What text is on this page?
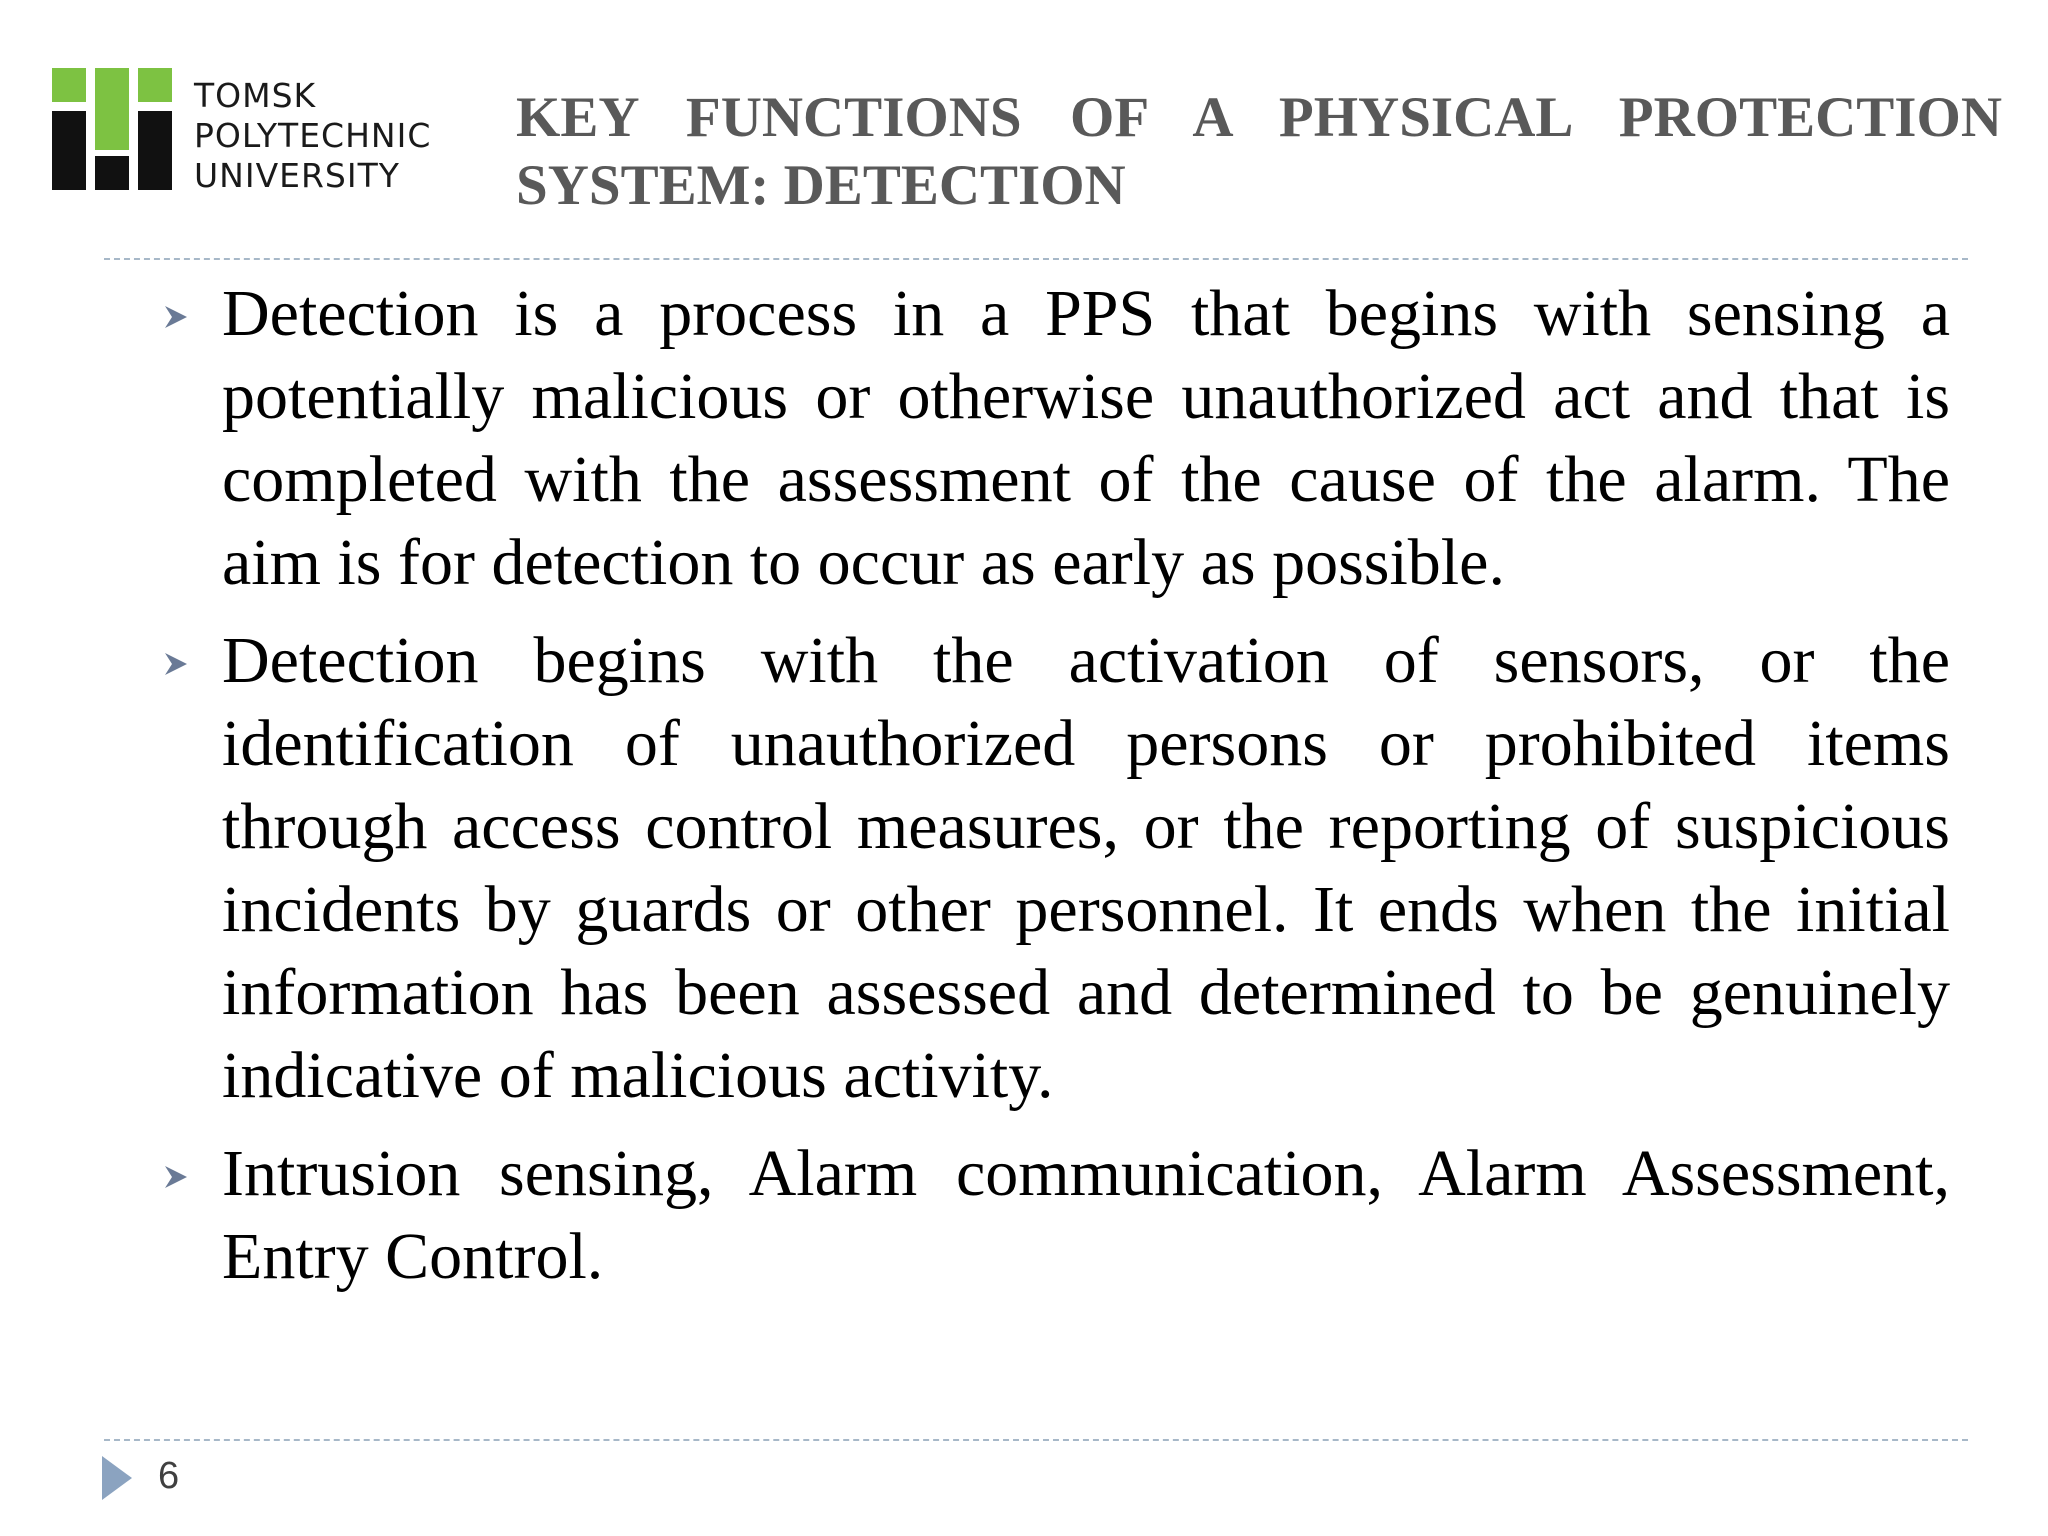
TOMSK
POLYTECHNIC
UNIVERSITY
KEY FUNCTIONS OF A PHYSICAL PROTECTION
SYSTEM: DETECTION
Detection is a process in a PPS that begins with sensing a potentially malicious or otherwise unauthorized act and that is completed with the assessment of the cause of the alarm. The aim is for detection to occur as early as possible.
Detection begins with the activation of sensors, or the identification of unauthorized persons or prohibited items through access control measures, or the reporting of suspicious incidents by guards or other personnel. It ends when the initial information has been assessed and determined to be genuinely indicative of malicious activity.
Intrusion sensing, Alarm communication, Alarm Assessment, Entry Control.
6
